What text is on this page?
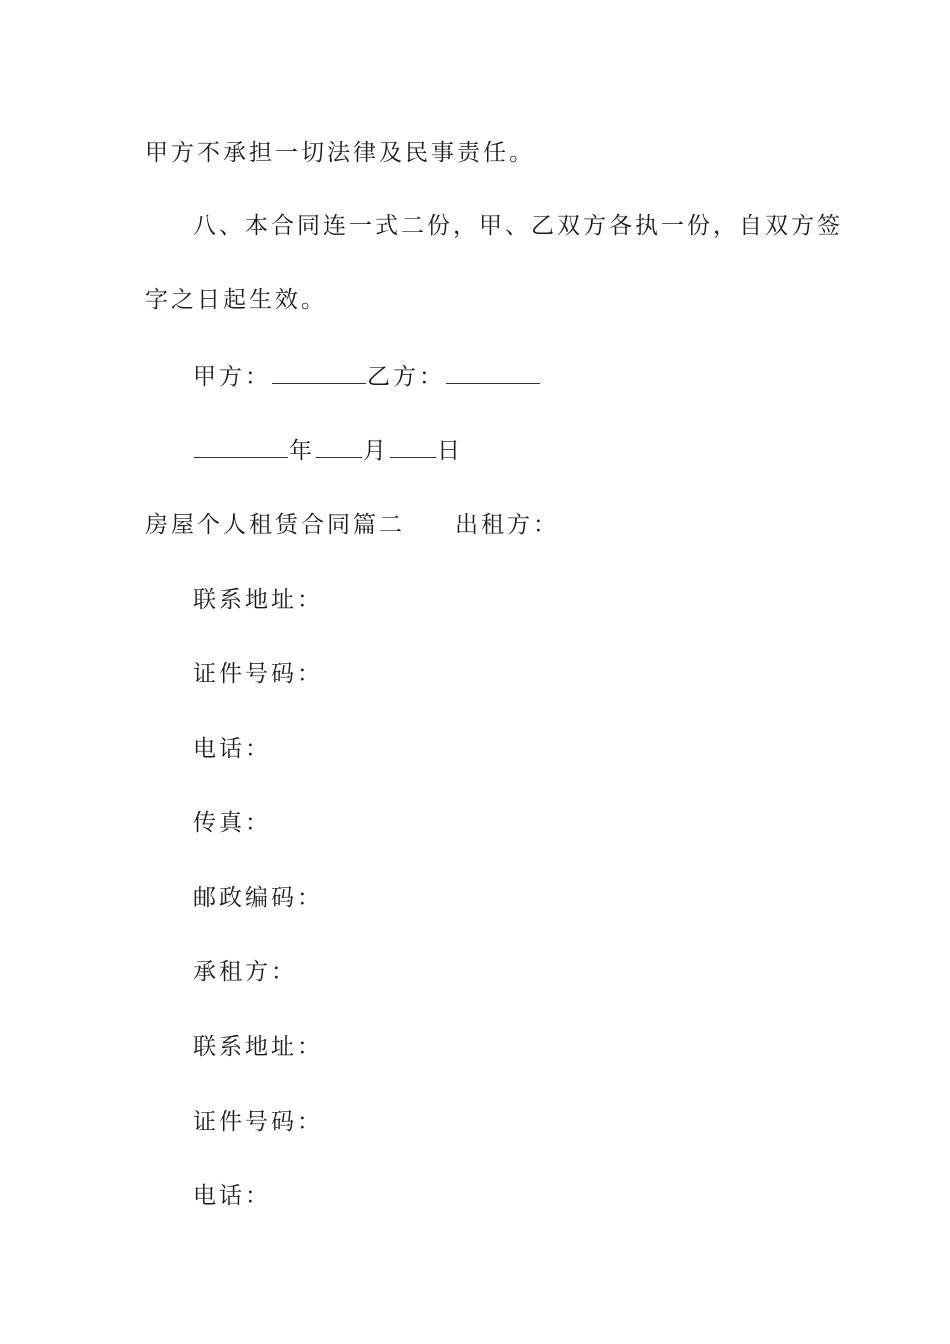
甲方不承担一切法律及民事责任。
八、本合同连一式二份，甲、乙双方各执一份，自双方签
字之日起生效。
甲方：	乙方：
年 月 日
房屋个人租赁合同篇二 出租方：
联系地址：
证件号码：
电话：
传真：
邮政编码：
承租方：
联系地址：
证件号码：
电话：
